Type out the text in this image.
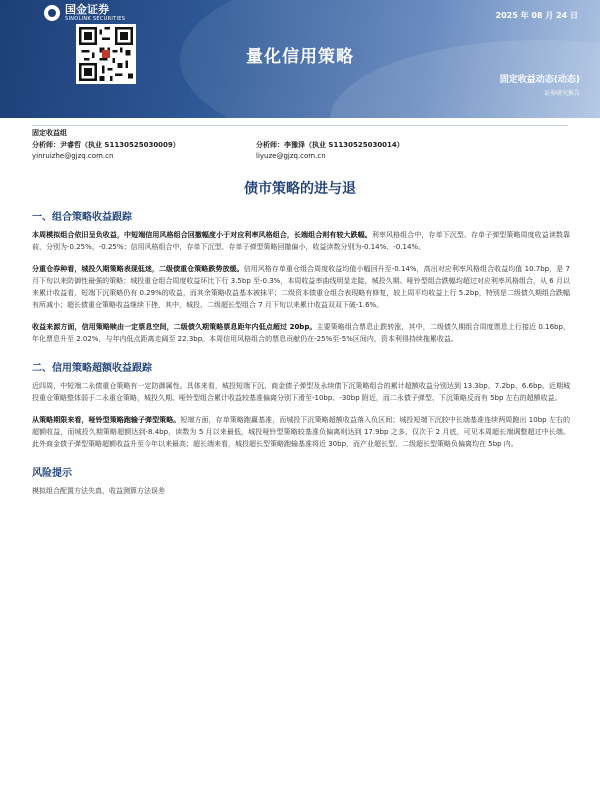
国金证券
SINOLINK SECURITIES	2025 年 08 月 24 日
量化信用策略
固定收益动态(动态)
证券研究报告
固定收益组
分析师：尹睿哲（执业 S1130525030009）	分析师：李豫泽（执业 S1130525030014）
yinruizhe@gjzq.com.cn	liyuze@gjzq.com.cn
债市策略的进与退
一、组合策略收益跟踪

本周模拟组合依旧呈负收益，中短端信用风格组合回撤幅度小于对应利率风格组合，长端组合则有较大跌幅。利率风格组合中，存单下沉型、存单子弹型策略周度收益读数靠前，分别为-0.25%、-0.25%；信用风格组合中，存单下沉型、存单子弹型策略回撤偏小，收益读数分别为-0.14%、-0.14%。

分重仓券种看，城投久期策略表现低迷，二级债重仓策略跌势放缓。信用风格存单重仓组合周度收益均值小幅回升至-0.14%，高出对应利率风格组合收益均值 10.7bp，是 7 月下旬以来防御性最强的策略；城投重仓组合周度收益环比下行 3.5bp 至-0.3%，本周收益率曲线明显走陡，城投久期、哑铃型组合跌幅均超过对应利率风格组合，从 6 月以来累计收益看，短端下沉策略仍有 0.29%的收益，而其余策略收益基本被抹平；二级资本债重仓组合表现略有修复，较上周平均收益上行 5.2bp，特别是二级债久期组合跌幅有所减小；超长债重仓策略收益继续下挫，其中，城投、二级超长型组合 7 月下旬以来累计收益双双下破-1.6%。

收益来源方面，信用策略赎由一定票息空间，二级债久期策略票息距年内低点超过 20bp。主要策略组合票息止跌转涨，其中，二级债久期组合周度票息上行接近 0.16bp，年化票息升至 2.02%，与年内低点距离走阔至 22.3bp。本周信用风格组合的票息贡献仍在-25%至-5%区间内，资本利得持续拖累收益。

二、信用策略超额收益跟踪

近四周，中短端二永债重仓策略有一定防御属性。具体来看，城投短端下沉、商金债子弹型及永续债下沉策略组合的累计超额收益分别达到 13.3bp、7.2bp、6.6bp。近期城投重仓策略整体弱于二永重仓策略，城投久期、哑铃型组合累计收益较基准偏离分别下滑至-10bp、-30bp 附近，而二永债子弹型、下沉策略反而有 5bp 左右的超额收益。

从策略期限来看，哑铃型策略跑输子弹型策略。短端方面，存单策略跑赢基准，而城投下沉策略超额收益落入负区间；城投短端下沉较中长端基准连续两周跑出 10bp 左右的超额收益，而城投久期策略超额达到-8.4bp，读数为 5 月以来最低，城投哑铃型策略较基准负偏离则达到 17.9bp 之多，仅次于 2 月底，可见本周超长端调整超过中长端。此外商金债子弹型策略超额收益升至今年以来最高；超长端来看，城投超长型策略跑输基准将近 30bp，而产业超长型、二级超长型策略负偏离均在 5bp 内。

风险提示

模拟组合配置方法失真，收益测算方法误差
